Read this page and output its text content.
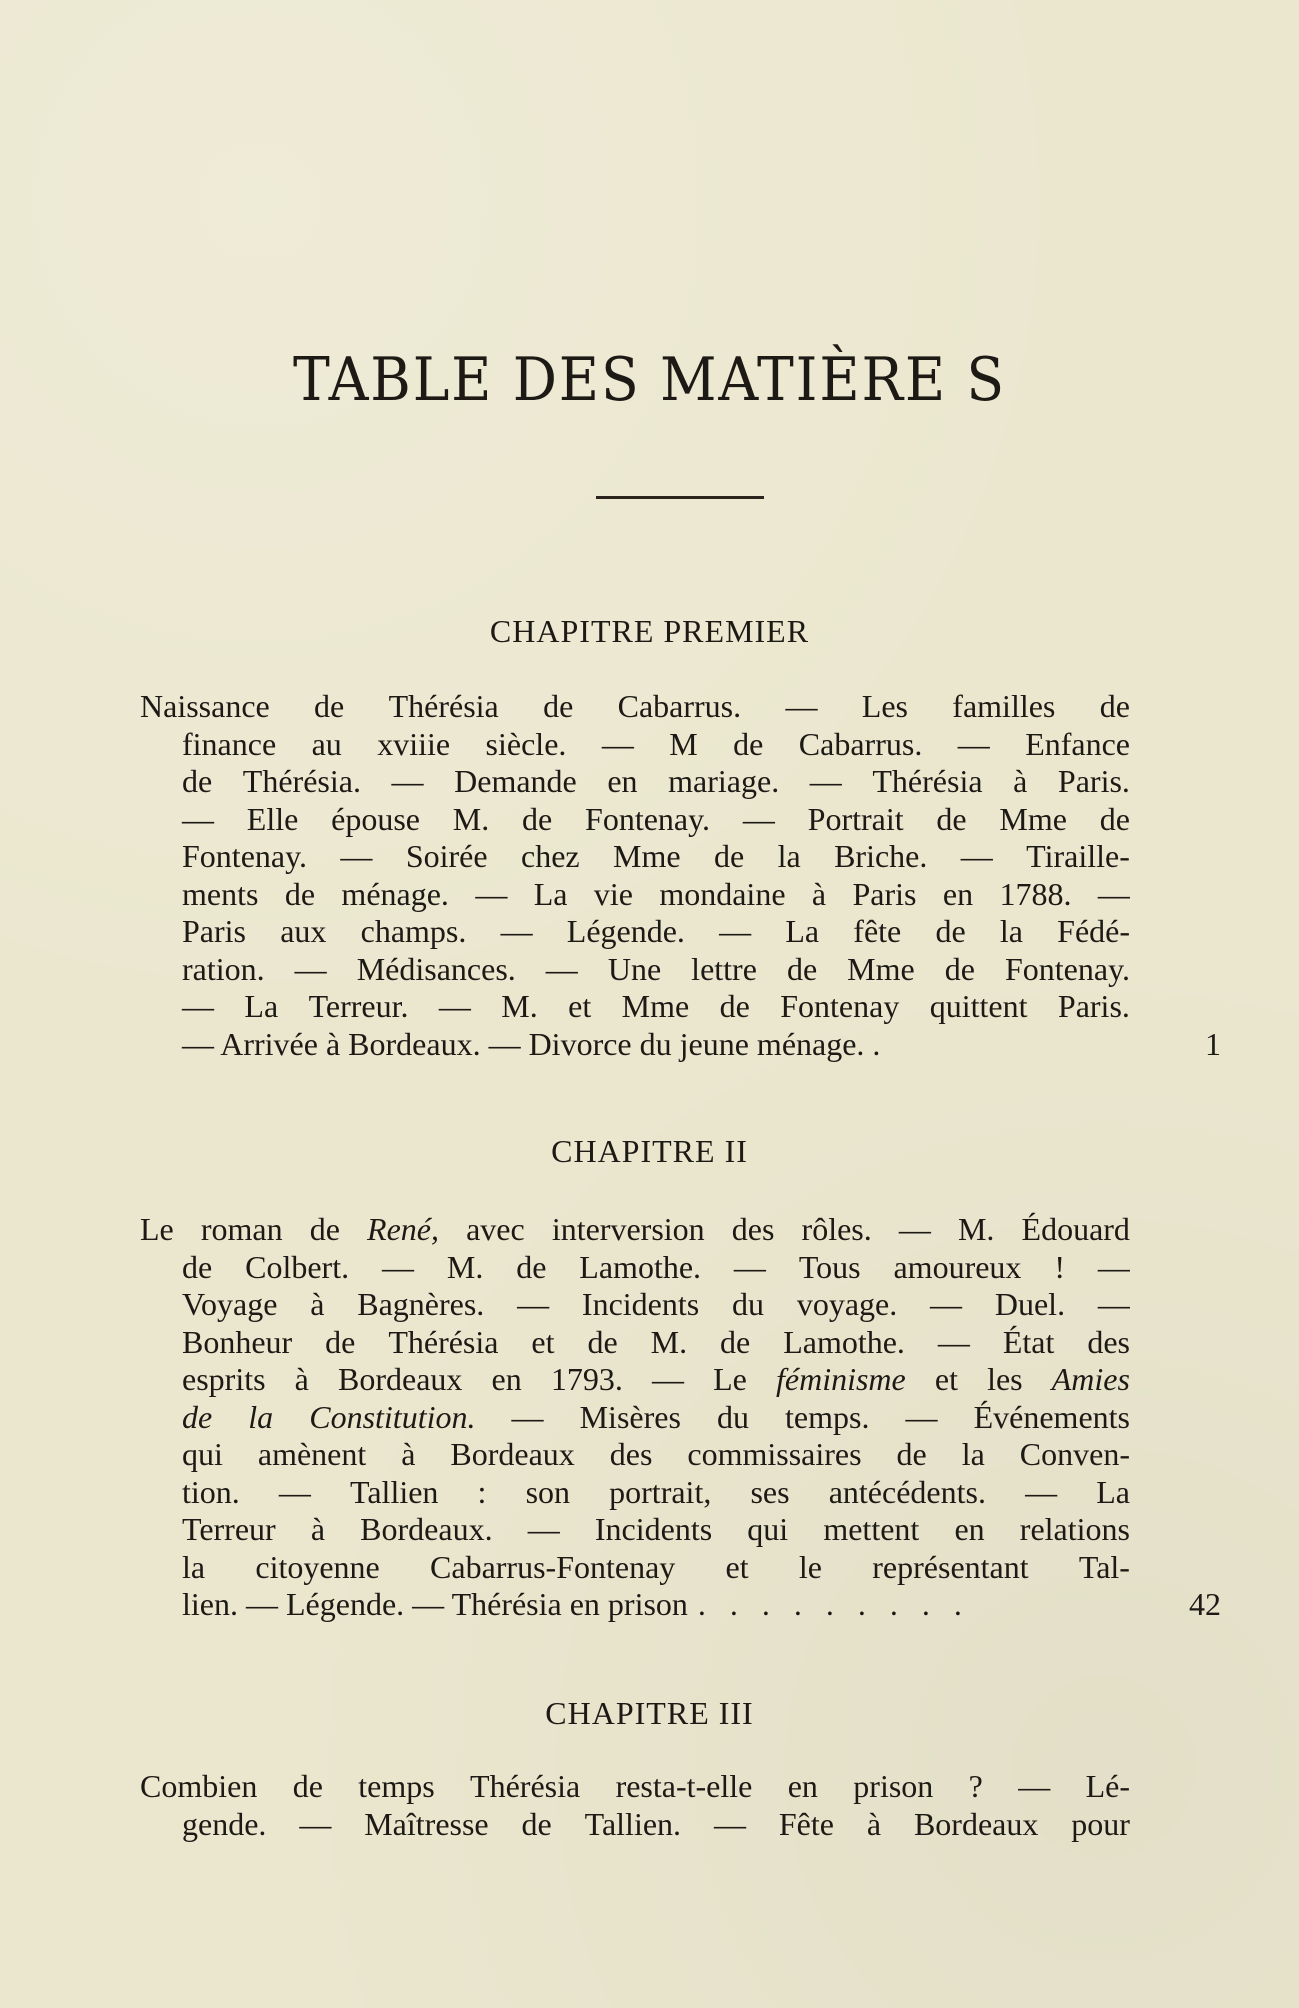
TABLE DES MATIÈRE S
CHAPITRE PREMIER
Naissance de Thérésia de Cabarrus. — Les familles de
finance au xviiie siècle. — M de Cabarrus. — Enfance
de Thérésia. — Demande en mariage. — Thérésia à Paris.
— Elle épouse M. de Fontenay. — Portrait de Mme de
Fontenay. — Soirée chez Mme de la Briche. — Tiraille-
ments de ménage. — La vie mondaine à Paris en 1788. —
Paris aux champs. — Légende. — La fête de la Fédé-
ration. — Médisances. — Une lettre de Mme de Fontenay.
— La Terreur. — M. et Mme de Fontenay quittent Paris.
— Arrivée à Bordeaux. — Divorce du jeune ménage. .	1
CHAPITRE II
Le roman de René, avec interversion des rôles. — M. Édouard
de Colbert. — M. de Lamothe. — Tous amoureux ! —
Voyage à Bagnères. — Incidents du voyage. — Duel. —
Bonheur de Thérésia et de M. de Lamothe. — État des
esprits à Bordeaux en 1793. — Le féminisme et les Amies
de la Constitution. — Misères du temps. — Événements
qui amènent à Bordeaux des commissaires de la Conven-
tion. — Tallien : son portrait, ses antécédents. — La
Terreur à Bordeaux. — Incidents qui mettent en relations
la citoyenne Cabarrus-Fontenay et le représentant Tal-
lien. — Légende. — Thérésia en prison . . . . . . . . .	42
CHAPITRE III
Combien de temps Thérésia resta-t-elle en prison ? — Lé-
gende. — Maîtresse de Tallien. — Fête à Bordeaux pour
